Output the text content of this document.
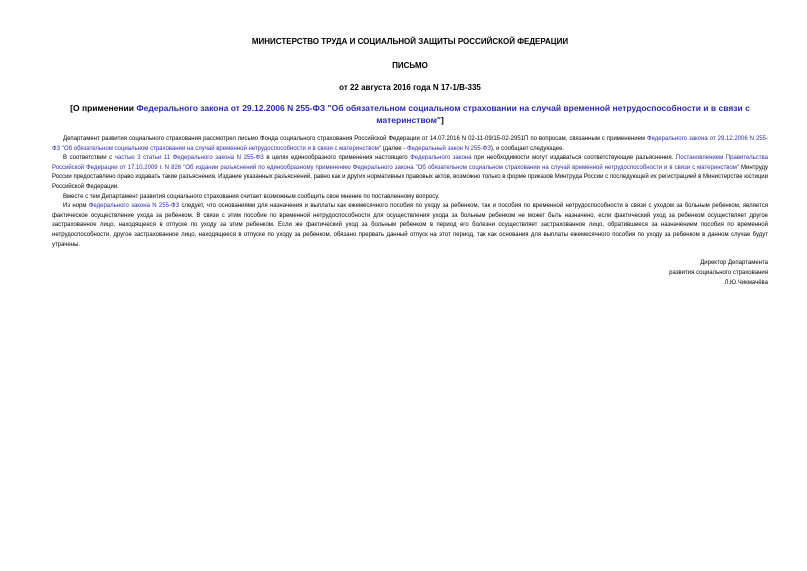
МИНИСТЕРСТВО ТРУДА И СОЦИАЛЬНОЙ ЗАЩИТЫ РОССИЙСКОЙ ФЕДЕРАЦИИ
ПИСЬМО
от 22 августа 2016 года N 17-1/В-335
[О применении Федерального закона от 29.12.2006 N 255-ФЗ "Об обязательном социальном страховании на случай временной нетрудоспособности и в связи с материнством"]

Департамент развития социального страхования рассмотрел письмо Фонда социального страхования Российской Федерации от 14.07.2016 N 02-11-09/15-02-2951П по вопросам, связанным с применением Федерального закона от 29.12.2006 N 255-ФЗ "Об обязательном социальном страховании на случай временной нетрудоспособности и в связи с материнством" (далее - Федеральный закон N 255-ФЗ), и сообщает следующее.

В соответствии с частью 3 статьи 11 Федерального закона N 255-ФЗ в целях единообразного применения настоящего Федерального закона при необходимости могут издаваться соответствующие разъяснения. Постановлением Правительства Российской Федерации от 17.10.2009 г. N 826 "Об издании разъяснений по единообразному применению Федерального закона "Об обязательном социальном страховании на случай временной нетрудоспособности и в связи с материнством" Минтруду России предоставлено право издавать такие разъяснения. Издание указанных разъяснений, равно как и других нормативных правовых актов, возможно только в форме приказов Минтруда России с последующей их регистрацией в Министерстве юстиции Российской Федерации.

Вместе с тем Департамент развития социального страхования считает возможным сообщить свое мнение по поставленному вопросу.

Из норм Федерального закона N 255-ФЗ следует, что основаниями для назначения и выплаты как ежемесячного пособия по уходу за ребенком, так и пособия по временной нетрудоспособности в связи с уходом за больным ребенком, является фактическое осуществление ухода за ребенком. В связи с этим пособие по временной нетрудоспособности для осуществления ухода за больным ребенком не может быть назначено, если фактический уход за ребенком осуществляет другое застрахованное лицо, находящееся в отпуске по уходу за этим ребенком. Если же фактический уход за больным ребенком в период его болезни осуществляет застрахованное лицо, обратившееся за назначением пособия по временной нетрудоспособности, другое застрахованное лицо, находящееся в отпуске по уходу за ребенком, обязано прервать данный отпуск на этот период, так как основания для выплаты ежемесячного пособия по уходу за ребенком в данном случае будут утрачены.

Директор Департамента
развития социального страхования
Л.Ю.Чикмачёва
